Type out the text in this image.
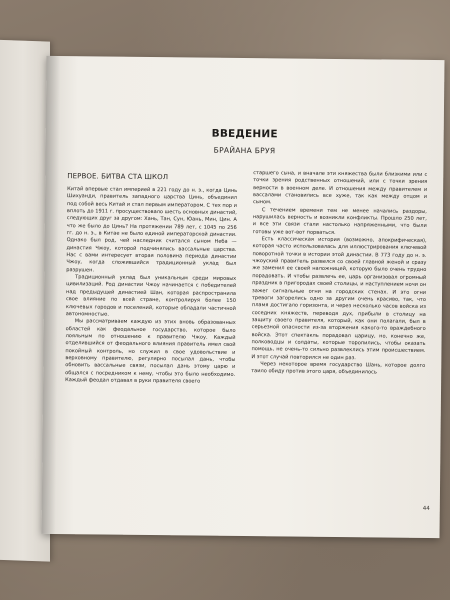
ВВЕДЕНИЕ
БРАЙАНА БРУЯ
ПЕРВОЕ. БИТВА СТА ШКОЛ

Китай впервые стал империей в 221 году до н. э., когда Цинь Шихуанди, правитель западного царства Цинь, объединил под собой весь Китай и стал первым императором. С тех пор и вплоть до 1911 г. просуществовало шесть основных династий, следующих друг за другом: Хань, Тан, Сун, Юань, Мин, Цин. А что же было до Цинь? На протяжении 789 лет, с 1045 по 256 гг. до н. э., в Китае не было единой императорской династии. Однако был род, чей наследник считался сыном Неба — династия Чжоу, которой подчинялись вассальные царства. Нас с вами интересует вторая половина периода династии Чжоу, когда сложившийся традиционный уклад был разрушен.

Традиционный уклад был уникальным среди мировых цивилизаций. Род династии Чжоу начинается с победителей над предыдущей династией Шан, которая распространила свое влияние по всей стране, контролируя более 150 ключевых городов и поселений, которые обладали частичной автономностью.

Мы рассматриваем каждую из этих вновь образованных областей как феодальное государство, которое было лояльным по отношению к правителю Чжоу. Каждый отделившийся от феодального влияния правитель имел свой покойный контроль, но служил в свое удовольствие и верховному правителю, регулярно посылал дань, чтобы обновить вассальные связи, посылал дань этому царю и общался с посредником к нему, чтобы это было необходимо. Каждый феодал отдавал в руки правителя своего

старшего сына, и вначале эти княжества были близкими или с точки зрения родственных отношений, или с точки зрения верности в военном деле. И отношения между правителем и вассалами становились все хуже, так как между отцом и сыном.

С течением времени тем не менее начались раздоры, нарушилась верность и возникли конфликты. Прошло 250 лет, и все эти связи стали настолько напряженными, что были готовы уже вот-вот порваться.

Есть классическая история (возможно, апокрифическая), которая часто использовалась для иллюстрирования ключевой поворотной точки в истории этой династии. В 773 году до н. э. чжоуский правитель развелся со своей главной женой и сразу же заменил ее своей наложницей, которую было очень трудно порадовать. И чтобы развлечь ее, царь организовал огромный праздник в пригородах своей столицы, и наступлением ночи он зажег сигнальные огни на городских стенах. И это огни тревоги загорелись одно за другим очень красиво, так, что пламя достигало горизонта, и через несколько часов войска из соседних княжеств, переводя дух, прибыли в столицу на защиту своего правителя, который, как они полагали, был в серьезной опасности из-за вторжения какого-то враждебного войска. Этот спектакль порадовал царицу, но, конечно же, полководцы и солдаты, которые торопились, чтобы оказать помощь, не очень-то сильно развлеклись этим происшествием. И этот случай повторился не один раз.

Через некоторое время государство Шань, которое долго таило обиду против этого царя, объединилось

44
